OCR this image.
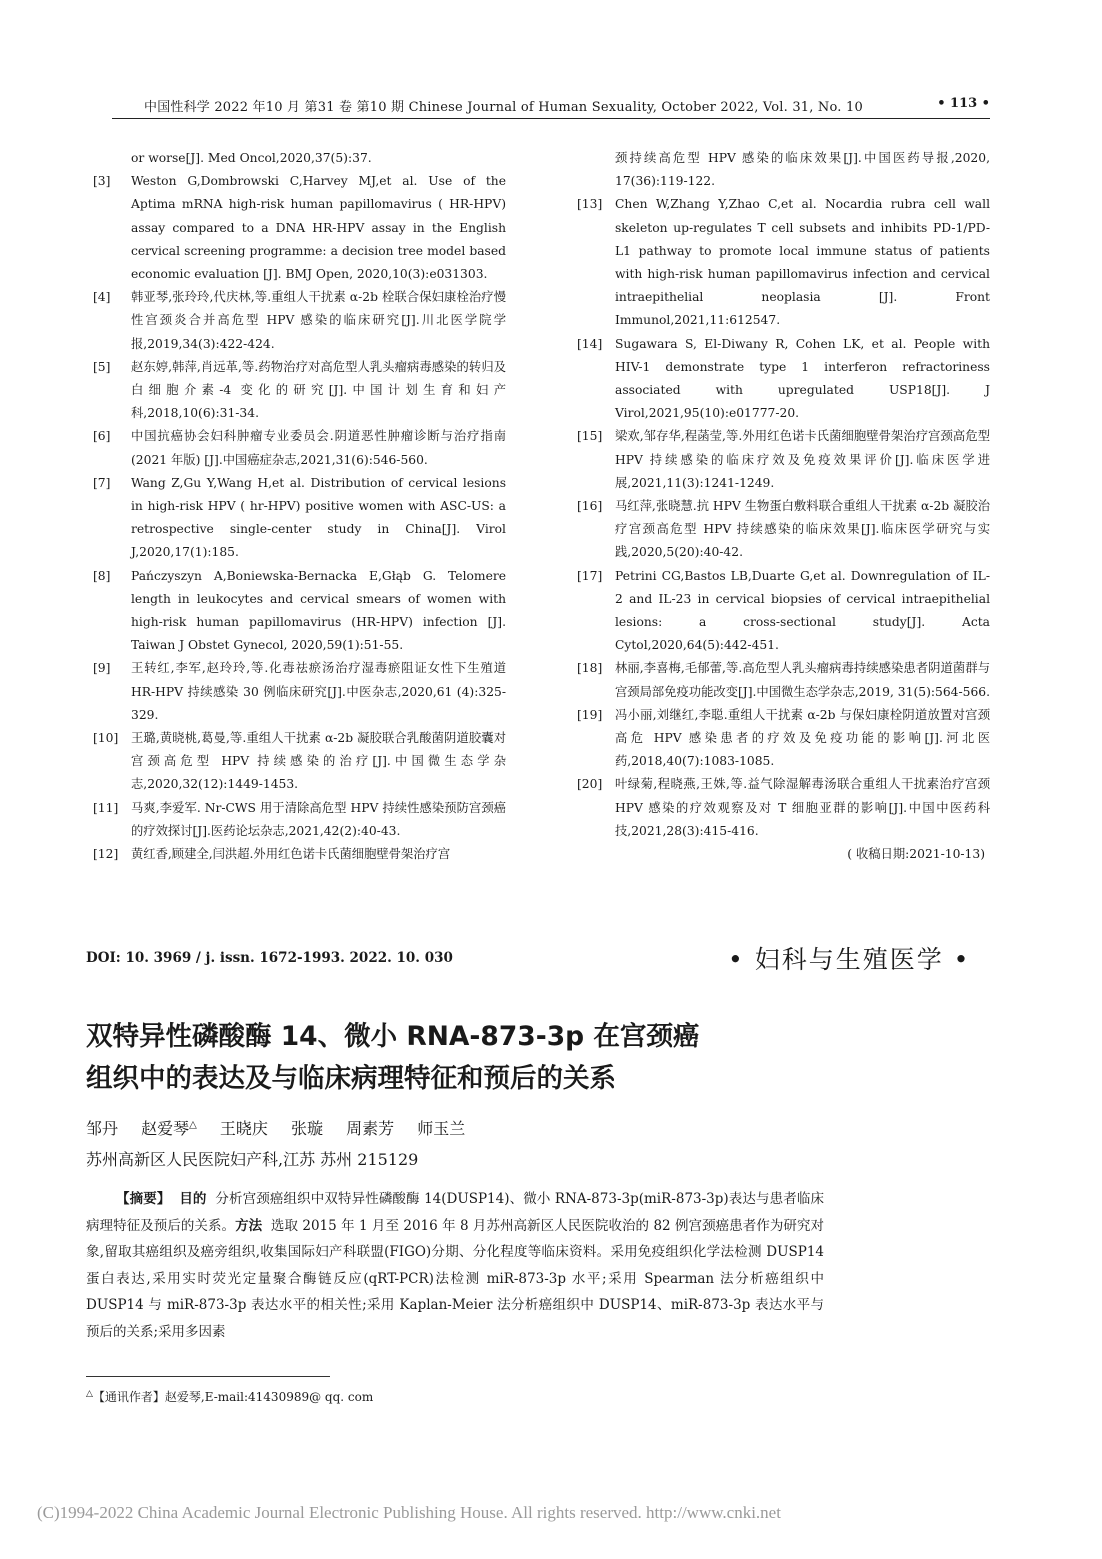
中国性科学 2022 年10 月 第31 卷 第10 期 Chinese Journal of Human Sexuality, October 2022, Vol. 31, No. 10	• 113 •
or worse[J]. Med Oncol,2020,37(5):37.
[3] Weston G,Dombrowski C,Harvey MJ,et al. Use of the Aptima mRNA high-risk human papillomavirus ( HR-HPV) assay compared to a DNA HR-HPV assay in the English cervical screening programme: a decision tree model based economic evaluation [J]. BMJ Open, 2020,10(3):e031303.
[4] 韩亚琴,张玲玲,代庆林,等.重组人干扰素 α-2b 栓联合保妇康栓治疗慢性宫颈炎合并高危型 HPV 感染的临床研究[J].川北医学院学报,2019,34(3):422-424.
[5] 赵东婷,韩萍,肖远革,等.药物治疗对高危型人乳头瘤病毒感染的转归及白细胞介素-4 变化的研究[J].中国计划生育和妇产科,2018,10(6):31-34.
[6] 中国抗癌协会妇科肿瘤专业委员会.阴道恶性肿瘤诊断与治疗指南(2021 年版) [J].中国癌症杂志,2021,31(6):546-560.
[7] Wang Z,Gu Y,Wang H,et al. Distribution of cervical lesions in high-risk HPV ( hr-HPV) positive women with ASC-US: a retrospective single-center study in China[J]. Virol J,2020,17(1):185.
[8] Pańczyszyn A,Boniewska-Bernacka E,Głąb G. Telomere length in leukocytes and cervical smears of women with high-risk human papillomavirus (HR-HPV) infection [J]. Taiwan J Obstet Gynecol, 2020,59(1):51-55.
[9] 王转红,李军,赵玲玲,等.化毒祛瘀汤治疗湿毒瘀阻证女性下生殖道 HR-HPV 持续感染 30 例临床研究[J].中医杂志,2020,61 (4):325-329.
[10] 王璐,黄晓桃,葛曼,等.重组人干扰素 α-2b 凝胶联合乳酸菌阴道胶囊对宫颈高危型 HPV 持续感染的治疗[J].中国微生态学杂志,2020,32(12):1449-1453.
[11] 马爽,李爱军. Nr-CWS 用于清除高危型 HPV 持续性感染预防宫颈癌的疗效探讨[J].医药论坛杂志,2021,42(2):40-43.
[12] 黄红香,顾建全,闫洪超.外用红色诺卡氏菌细胞壁骨架治疗宫
颈持续高危型 HPV 感染的临床效果[J].中国医药导报,2020, 17(36):119-122.
[13] Chen W,Zhang Y,Zhao C,et al. Nocardia rubra cell wall skeleton up-regulates T cell subsets and inhibits PD-1/PD-L1 pathway to promote local immune status of patients with high-risk human papillomavirus infection and cervical intraepithelial neoplasia [J]. Front Immunol,2021,11:612547.
[14] Sugawara S, El-Diwany R, Cohen LK, et al. People with HIV-1 demonstrate type 1 interferon refractoriness associated with upregulated USP18[J]. J Virol,2021,95(10):e01777-20.
[15] 梁欢,邹存华,程菡莹,等.外用红色诺卡氏菌细胞壁骨架治疗宫颈高危型 HPV 持续感染的临床疗效及免疫效果评价[J].临床医学进展,2021,11(3):1241-1249.
[16] 马红萍,张晓慧.抗 HPV 生物蛋白敷料联合重组人干扰素 α-2b 凝胶治疗宫颈高危型 HPV 持续感染的临床效果[J].临床医学研究与实践,2020,5(20):40-42.
[17] Petrini CG,Bastos LB,Duarte G,et al. Downregulation of IL-2 and IL-23 in cervical biopsies of cervical intraepithelial lesions: a cross-sectional study[J]. Acta Cytol,2020,64(5):442-451.
[18] 林丽,李喜梅,毛郁蕾,等.高危型人乳头瘤病毒持续感染患者阴道菌群与宫颈局部免疫功能改变[J].中国微生态学杂志,2019, 31(5):564-566.
[19] 冯小丽,刘继红,李聪.重组人干扰素 α-2b 与保妇康栓阴道放置对宫颈高危 HPV 感染患者的疗效及免疫功能的影响[J].河北医药,2018,40(7):1083-1085.
[20] 叶绿菊,程晓燕,王姝,等.益气除湿解毒汤联合重组人干扰素治疗宫颈 HPV 感染的疗效观察及对 T 细胞亚群的影响[J].中国中医药科技,2021,28(3):415-416.
( 收稿日期:2021-10-13)
DOI: 10. 3969 / j. issn. 1672-1993. 2022. 10. 030	• 妇科与生殖医学 •
双特异性磷酸酶 14、微小 RNA-873-3p 在宫颈癌
组织中的表达及与临床病理特征和预后的关系
邹丹 赵爱琴△ 王晓庆 张璇 周素芳 师玉兰
苏州高新区人民医院妇产科,江苏 苏州 215129
【摘要】 目的 分析宫颈癌组织中双特异性磷酸酶 14(DUSP14)、微小 RNA-873-3p(miR-873-3p)表达与患者临床病理特征及预后的关系。方法 选取 2015 年 1 月至 2016 年 8 月苏州高新区人民医院收治的 82 例宫颈癌患者作为研究对象,留取其癌组织及癌旁组织,收集国际妇产科联盟(FIGO)分期、分化程度等临床资料。采用免疫组织化学法检测 DUSP14 蛋白表达,采用实时荧光定量聚合酶链反应(qRT-PCR)法检测 miR-873-3p 水平;采用 Spearman 法分析癌组织中 DUSP14 与 miR-873-3p 表达水平的相关性;采用 Kaplan-Meier 法分析癌组织中 DUSP14、miR-873-3p 表达水平与预后的关系;采用多因素
△【通讯作者】赵爱琴,E-mail:41430989@ qq. com
(C)1994-2022 China Academic Journal Electronic Publishing House. All rights reserved. http://www.cnki.net
